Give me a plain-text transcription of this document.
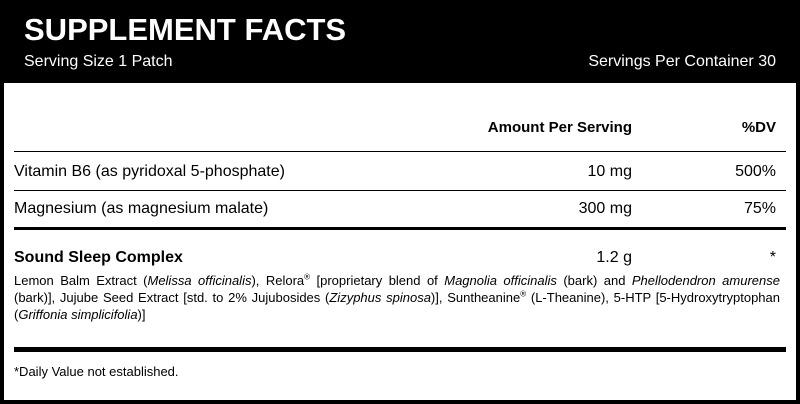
SUPPLEMENT FACTS
Serving Size 1 Patch	Servings Per Container 30
Amount Per Serving	%DV
Vitamin B6 (as pyridoxal 5-phosphate)	10 mg	500%
Magnesium (as magnesium malate)	300 mg	75%
Sound Sleep Complex	1.2 g	*
Lemon Balm Extract (Melissa officinalis), Relora® [proprietary blend of Magnolia officinalis (bark) and Phellodendron amurense (bark)], Jujube Seed Extract [std. to 2% Jujubosides (Zizyphus spinosa)], Suntheanine® (L-Theanine), 5-HTP [5-Hydroxytryptophan (Griffonia simplicifolia)]
*Daily Value not established.
